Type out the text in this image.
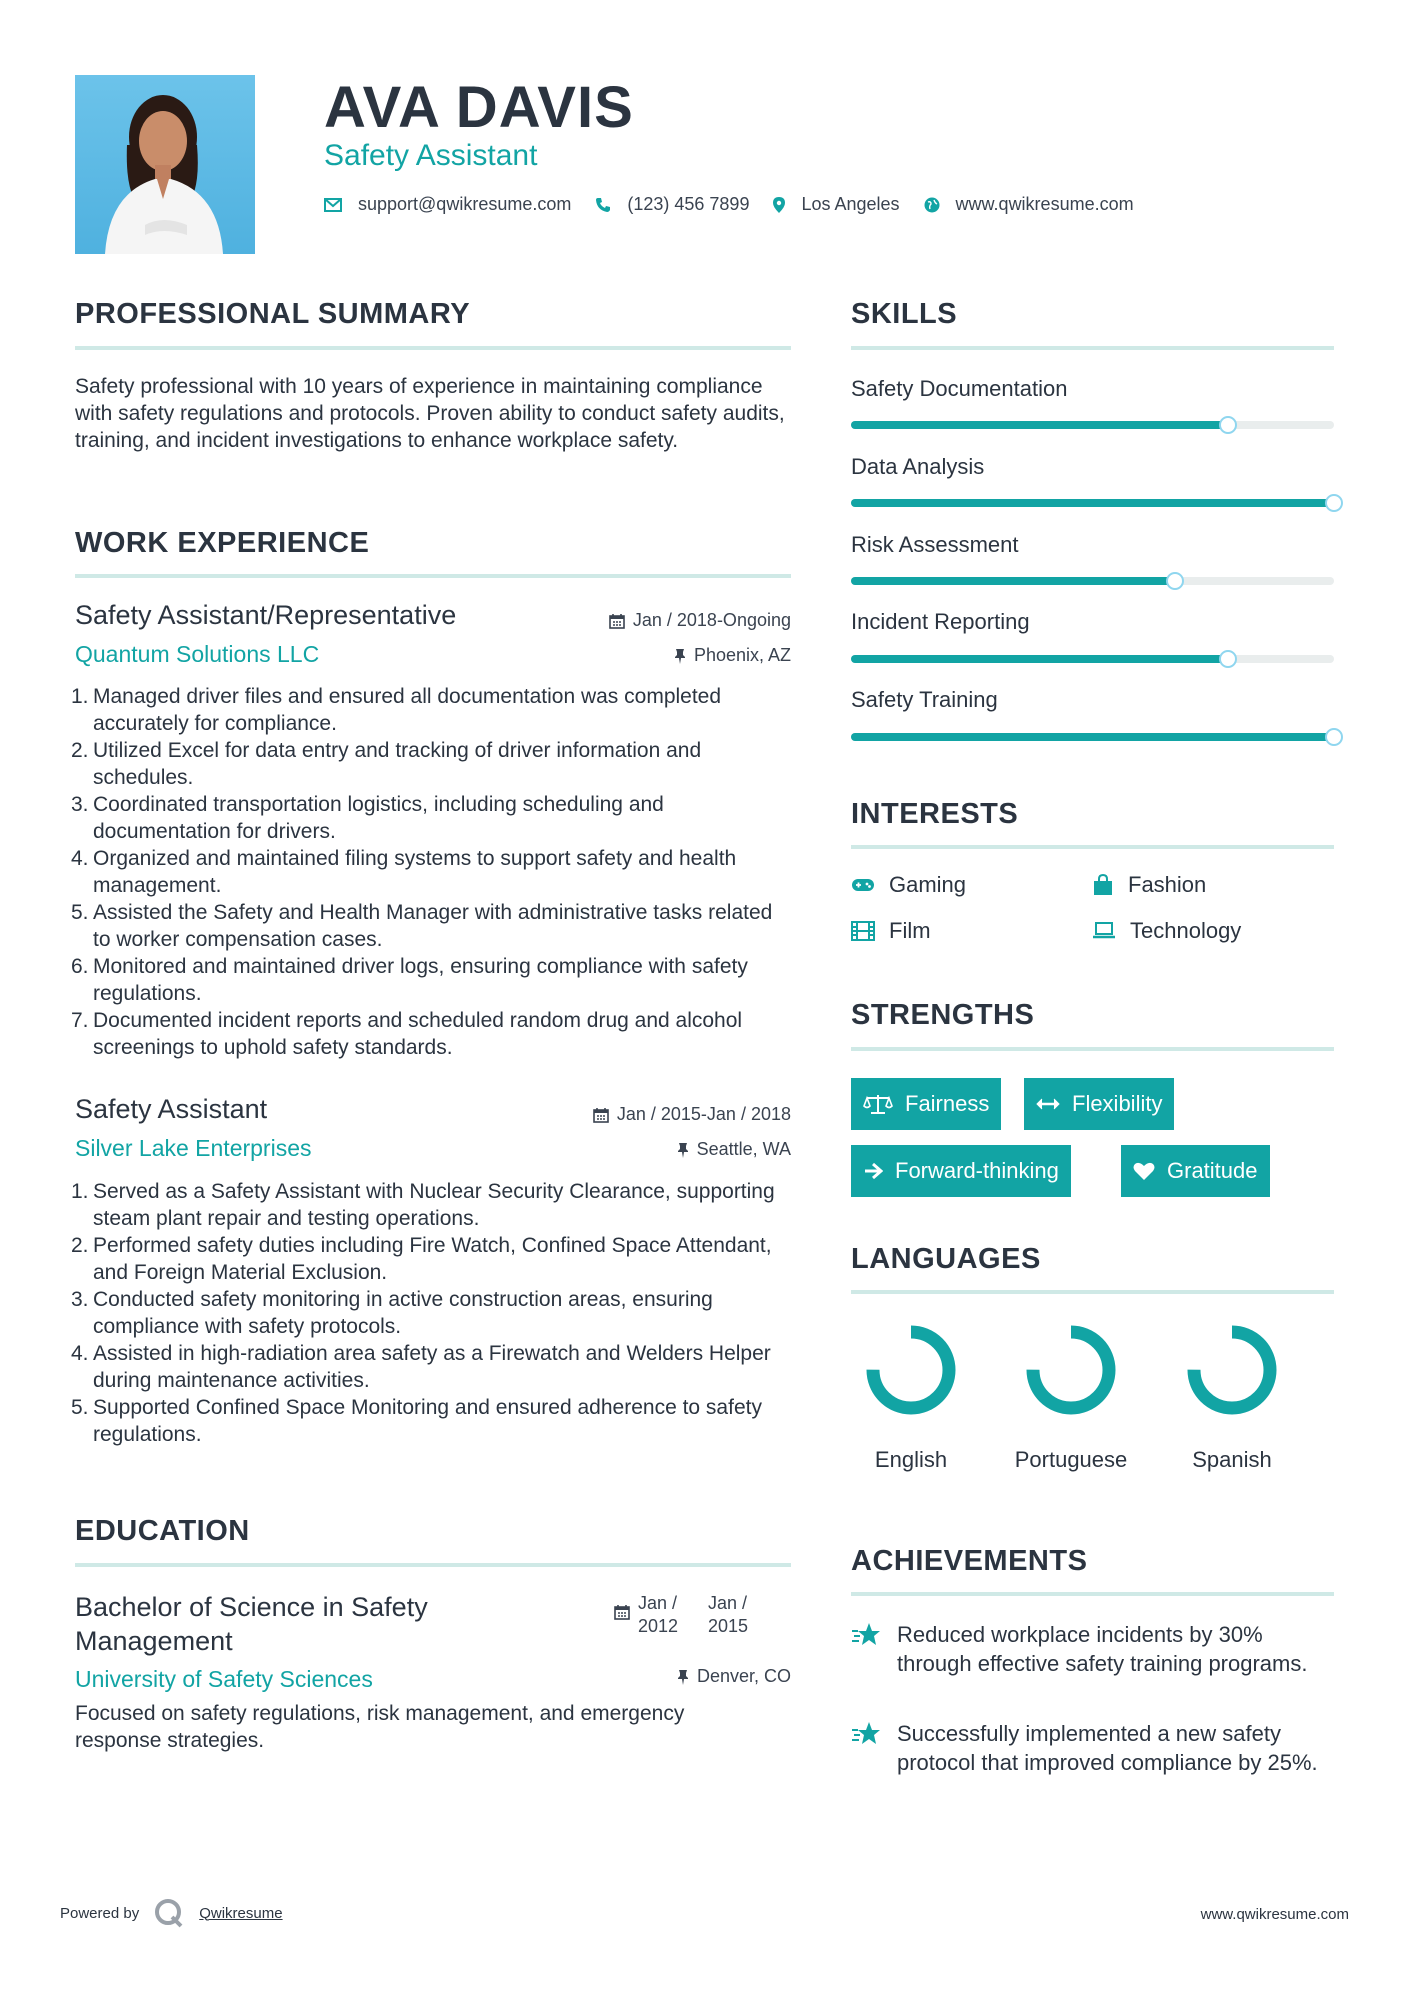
AVA DAVIS
Safety Assistant
support@qwikresume.com	(123) 456 7899	Los Angeles	www.qwikresume.com
PROFESSIONAL SUMMARY
Safety professional with 10 years of experience in maintaining compliance with safety regulations and protocols. Proven ability to conduct safety audits, training, and incident investigations to enhance workplace safety.
WORK EXPERIENCE
Safety Assistant/Representative	Jan / 2018-Ongoing
Quantum Solutions LLC	Phoenix, AZ
1. Managed driver files and ensured all documentation was completed accurately for compliance.
2. Utilized Excel for data entry and tracking of driver information and schedules.
3. Coordinated transportation logistics, including scheduling and documentation for drivers.
4. Organized and maintained filing systems to support safety and health management.
5. Assisted the Safety and Health Manager with administrative tasks related to worker compensation cases.
6. Monitored and maintained driver logs, ensuring compliance with safety regulations.
7. Documented incident reports and scheduled random drug and alcohol screenings to uphold safety standards.
Safety Assistant	Jan / 2015-Jan / 2018
Silver Lake Enterprises	Seattle, WA
1. Served as a Safety Assistant with Nuclear Security Clearance, supporting steam plant repair and testing operations.
2. Performed safety duties including Fire Watch, Confined Space Attendant, and Foreign Material Exclusion.
3. Conducted safety monitoring in active construction areas, ensuring compliance with safety protocols.
4. Assisted in high-radiation area safety as a Firewatch and Welders Helper during maintenance activities.
5. Supported Confined Space Monitoring and ensured adherence to safety regulations.
EDUCATION
Bachelor of Science in Safety Management
Jan / 2012
Jan / 2015
University of Safety Sciences	Denver, CO
Focused on safety regulations, risk management, and emergency response strategies.
SKILLS
Safety Documentation
Data Analysis
Risk Assessment
Incident Reporting
Safety Training
INTERESTS
Gaming	Fashion
Film	Technology
STRENGTHS
Fairness	Flexibility
Forward-thinking	Gratitude
LANGUAGES
English	Portuguese	Spanish
ACHIEVEMENTS
Reduced workplace incidents by 30% through effective safety training programs.
Successfully implemented a new safety protocol that improved compliance by 25%.
Powered by	Qwikresume	www.qwikresume.com
